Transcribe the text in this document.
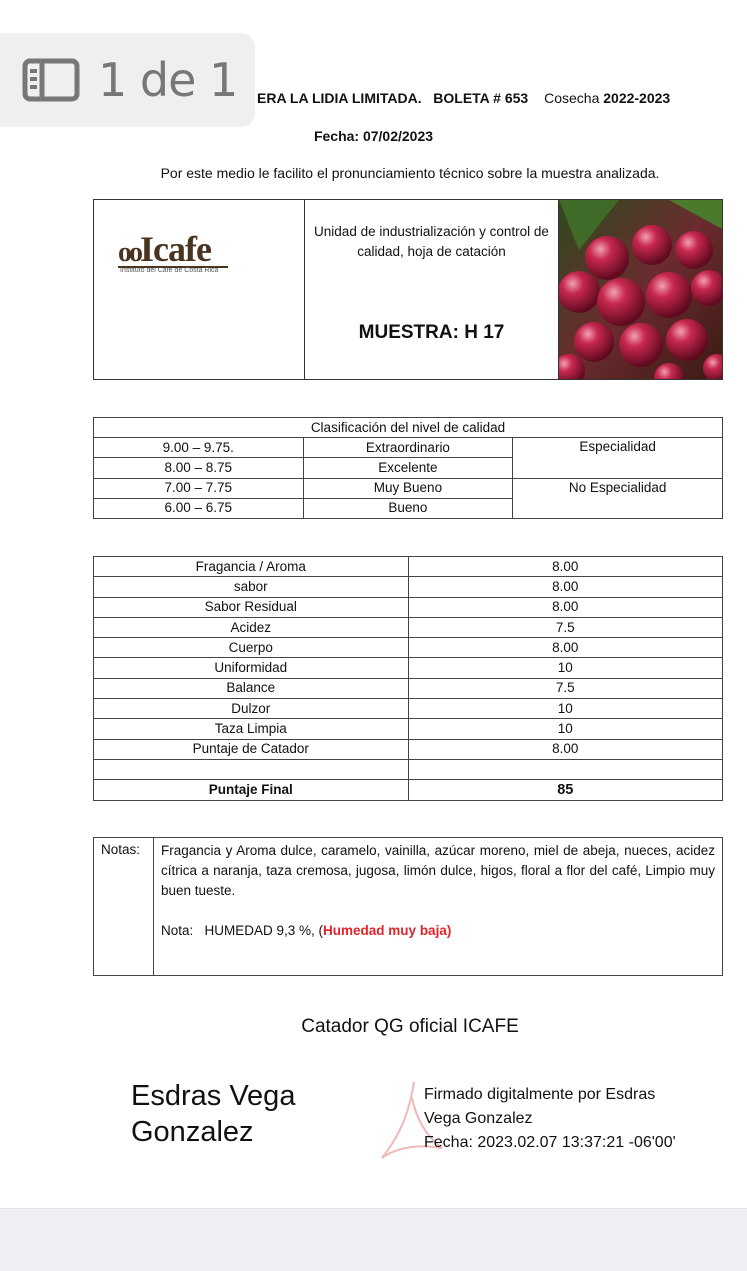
1 de 1 ERA LA LIDIA LIMITADA.   BOLETA # 653 Cosecha 2022-2023
Fecha: 07/02/2023
Por este medio le facilito el pronunciamiento técnico sobre la muestra analizada.
ooIcafe
Instituto del Café de Costa Rica
Unidad de industrialización y control de calidad, hoja de catación
MUESTRA: H 17
Clasificación del nivel de calidad		
9.00 – 9.75.	Extraordinario	Especialidad
8.00 – 8.75	Excelente	
7.00 – 7.75	Muy Bueno	No Especialidad
6.00 – 6.75	Bueno	
Fragancia / Aroma	8.00
sabor	8.00
Sabor Residual	8.00
Acidez	7.5
Cuerpo	8.00
Uniformidad	10
Balance	7.5
Dulzor	10
Taza Limpia	10
Puntaje de Catador	8.00

Puntaje Final	85
Notas:	Fragancia y Aroma dulce, caramelo, vainilla, azúcar moreno, miel de abeja, nueces, acidez cítrica a naranja, taza cremosa, jugosa, limón dulce, higos, floral a flor del café, Limpio muy buen tueste.

Nota:   HUMEDAD 9,3 %, (Humedad muy baja)

Catador QG oficial ICAFE
Esdras Vega
Gonzalez
Firmado digitalmente por Esdras
Vega Gonzalez
Fecha: 2023.02.07 13:37:21 -06'00'
